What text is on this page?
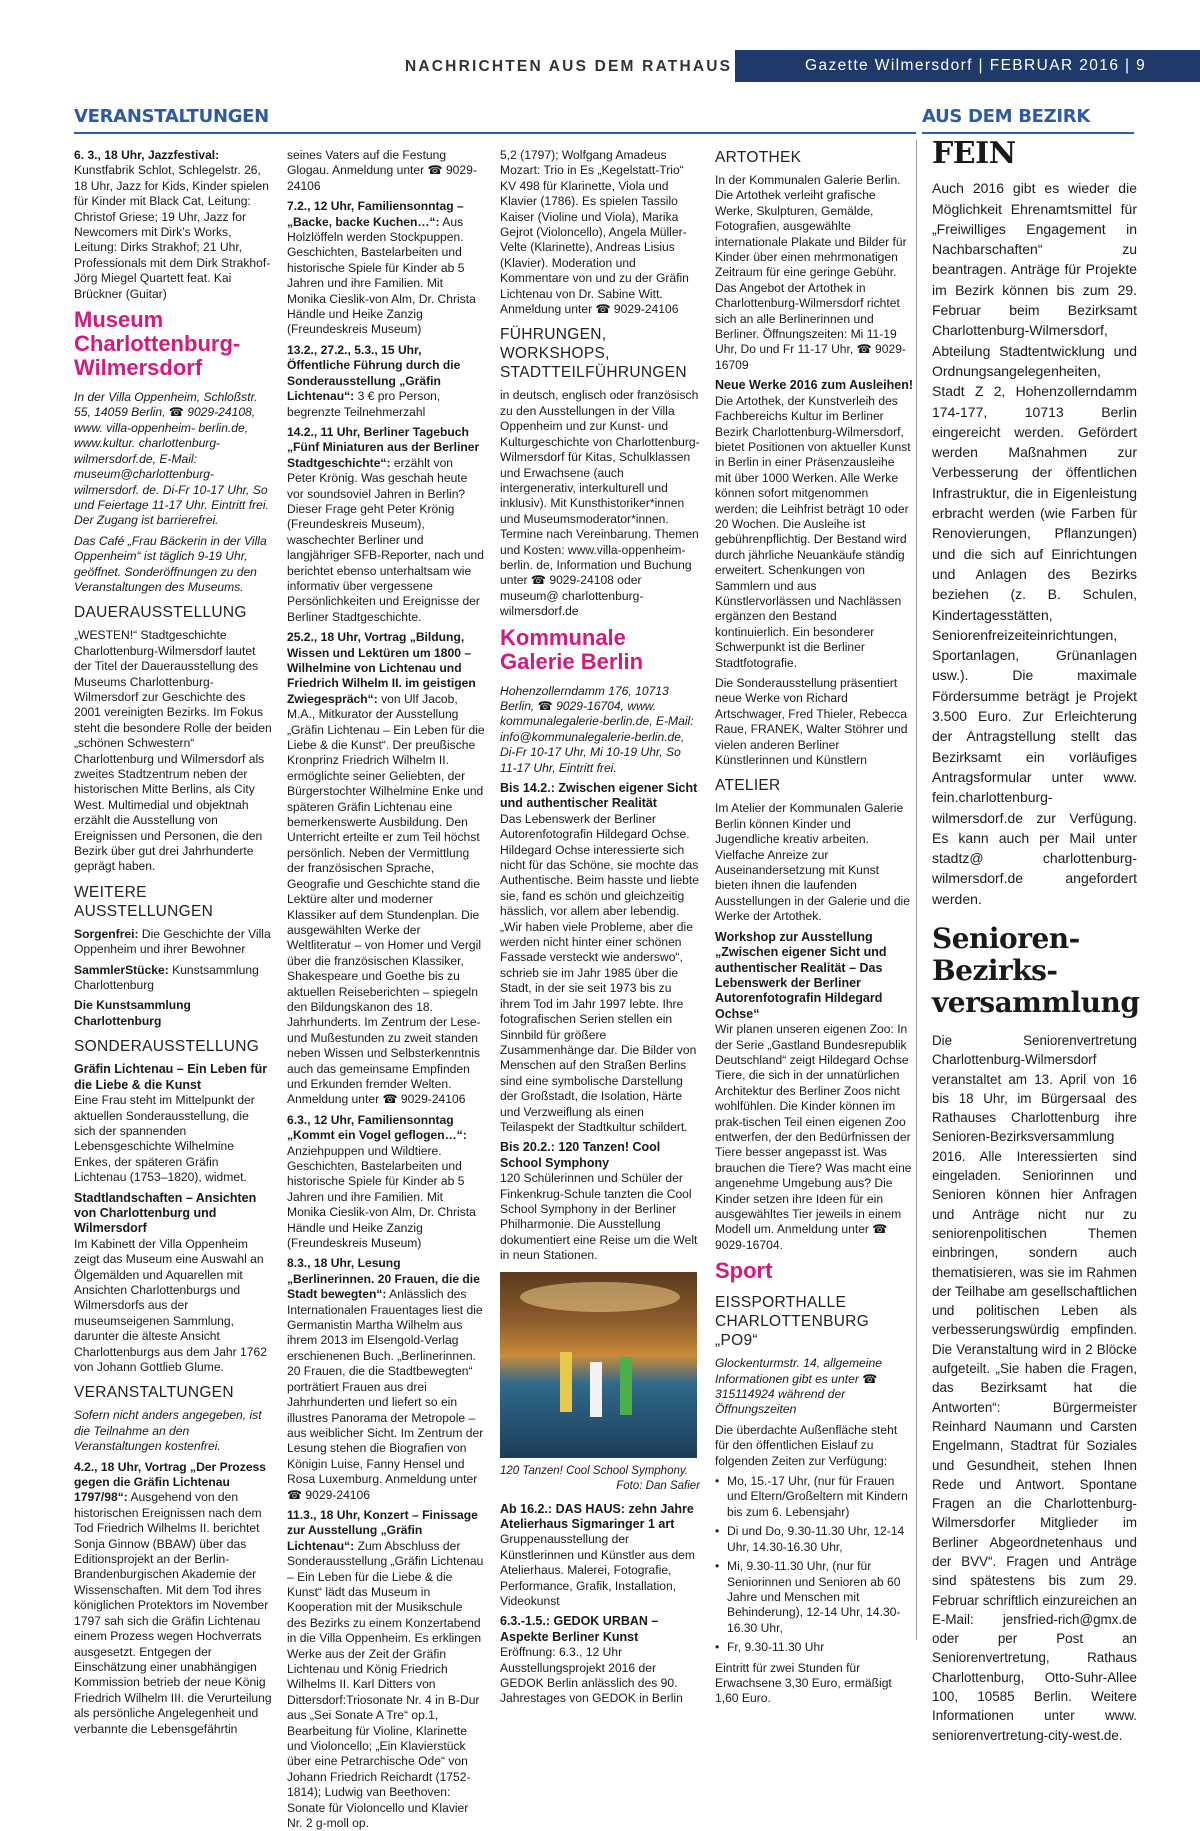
NACHRICHTEN AUS DEM RATHAUS	Gazette Wilmersdorf | FEBRUAR 2016 | 9
VERANSTALTUNGEN	AUS DEM BEZIRK

6. 3., 18 Uhr, Jazzfestival: Kunstfabrik Schlot, Schlegelstr. 26, 18 Uhr, Jazz for Kids, Kinder spielen für Kinder mit Black Cat, Leitung: Christof Griese; 19 Uhr, Jazz for Newcomers mit Dirk’s Works, Leitung: Dirks Strakhof; 21 Uhr, Professionals mit dem Dirk Strakhof-Jörg Miegel Quartett feat. Kai Brückner (Guitar)

Museum Charlottenburg-Wilmersdorf

In der Villa Oppenheim, Schloßstr. 55, 14059 Berlin, ☎ 9029-24108, www. villa-oppenheim- berlin.de, www.kultur. charlottenburg-wilmersdorf.de, E-Mail: museum@charlottenburg-wilmersdorf. de. Di-Fr 10-17 Uhr, So und Feiertage 11-17 Uhr. Eintritt frei. Der Zugang ist barrierefrei.

Das Café „Frau Bäckerin in der Villa Oppenheim“ ist täglich 9-19 Uhr, geöffnet. Sonderöffnungen zu den Veranstaltungen des Museums.

DAUERAUSSTELLUNG

„WESTEN!“ Stadtgeschichte Charlottenburg-Wilmersdorf lautet der Titel der Dauerausstellung des Museums Charlottenburg-Wilmersdorf zur Geschichte des 2001 vereinigten Bezirks. Im Fokus steht die besondere Rolle der beiden „schönen Schwestern“ Charlottenburg und Wilmersdorf als zweites Stadtzentrum neben der historischen Mitte Berlins, als City West. Multimedial und objektnah erzählt die Ausstellung von Ereignissen und Personen, die den Bezirk über gut drei Jahrhunderte geprägt haben.

WEITERE AUSSTELLUNGEN

Sorgenfrei: Die Geschichte der Villa Oppenheim und ihrer Bewohner

SammlerStücke: Kunstsammlung Charlottenburg

Die Kunstsammlung Charlottenburg

SONDERAUSSTELLUNG
Gräfin Lichtenau – Ein Leben für die Liebe & die Kunst

Eine Frau steht im Mittelpunkt der aktuellen Sonderausstellung, die sich der spannenden Lebensgeschichte Wilhelmine Enkes, der späteren Gräfin Lichtenau (1753–1820), widmet.

Stadtlandschaften – Ansichten von Charlottenburg und Wilmersdorf

Im Kabinett der Villa Oppenheim zeigt das Museum eine Auswahl an Ölgemälden und Aquarellen mit Ansichten Charlottenburgs und Wilmersdorfs aus der museumseigenen Sammlung, darunter die älteste Ansicht Charlottenburgs aus dem Jahr 1762 von Johann Gottlieb Glume.

VERANSTALTUNGEN

Sofern nicht anders angegeben, ist die Teilnahme an den Veranstaltungen kostenfrei.

4.2., 18 Uhr, Vortrag „Der Prozess gegen die Gräfin Lichtenau 1797/98“: Ausgehend von den historischen Ereignissen nach dem Tod Friedrich Wilhelms II. berichtet Sonja Ginnow (BBAW) über das Editionsprojekt an der Berlin-Brandenburgischen Akademie der Wissenschaften. Mit dem Tod ihres königlichen Protektors im November 1797 sah sich die Gräfin Lichtenau einem Prozess wegen Hochverrats ausgesetzt. Entgegen der Einschätzung einer unabhängigen Kommission betrieb der neue König Friedrich Wilhelm III. die Verurteilung als persönliche Angelegenheit und verbannte die Lebensgefährtin

seines Vaters auf die Festung Glogau. Anmeldung unter ☎ 9029-24106

7.2., 12 Uhr, Familiensonntag – „Backe, backe Kuchen…“: Aus Holzlöffeln werden Stockpuppen. Geschichten, Bastelarbeiten und historische Spiele für Kinder ab 5 Jahren und ihre Familien. Mit Monika Cieslik-von Alm, Dr. Christa Händle und Heike Zanzig (Freundeskreis Museum)

13.2., 27.2., 5.3., 15 Uhr, Öffentliche Führung durch die Sonderausstellung „Gräfin Lichtenau“: 3 € pro Person, begrenzte Teilnehmerzahl

14.2., 11 Uhr, Berliner Tagebuch „Fünf Miniaturen aus der Berliner Stadtgeschichte“: erzählt von Peter Krönig. Was geschah heute vor soundsoviel Jahren in Berlin? Dieser Frage geht Peter Krönig (Freundeskreis Museum), waschechter Berliner und langjähriger SFB-Reporter, nach und berichtet ebenso unterhaltsam wie informativ über vergessene Persönlichkeiten und Ereignisse der Berliner Stadtgeschichte.

25.2., 18 Uhr, Vortrag „Bildung, Wissen und Lektüren um 1800 – Wilhelmine von Lichtenau und Friedrich Wilhelm II. im geistigen Zwiegespräch“: von Ulf Jacob, M.A., Mitkurator der Ausstellung „Gräfin Lichtenau – Ein Leben für die Liebe & die Kunst“. Der preußische Kronprinz Friedrich Wilhelm II. ermöglichte seiner Geliebten, der Bürgerstochter Wilhelmine Enke und späteren Gräfin Lichtenau eine bemerkenswerte Ausbildung. Den Unterricht erteilte er zum Teil höchst persönlich. Neben der Vermittlung der französischen Sprache, Geografie und Geschichte stand die Lektüre alter und moderner Klassiker auf dem Stundenplan. Die ausgewählten Werke der Weltliteratur – von Homer und Vergil über die französischen Klassiker, Shakespeare und Goethe bis zu aktuellen Reiseberichten – spiegeln den Bildungskanon des 18. Jahrhunderts. Im Zentrum der Lese- und Mußestunden zu zweit standen neben Wissen und Selbsterkenntnis auch das gemeinsame Empfinden und Erkunden fremder Welten. Anmeldung unter ☎ 9029-24106

6.3., 12 Uhr, Familiensonntag „Kommt ein Vogel geflogen…“: Anziehpuppen und Wildtiere. Geschichten, Bastelarbeiten und historische Spiele für Kinder ab 5 Jahren und ihre Familien. Mit Monika Cieslik-von Alm, Dr. Christa Händle und Heike Zanzig (Freundeskreis Museum)

8.3., 18 Uhr, Lesung „Berlinerinnen. 20 Frauen, die die Stadt bewegten“: Anlässlich des Internationalen Frauentages liest die Germanistin Martha Wilhelm aus ihrem 2013 im Elsengold-Verlag erschienenen Buch. „Berlinerinnen. 20 Frauen, die die Stadtbewegten“ porträtiert Frauen aus drei Jahrhunderten und liefert so ein illustres Panorama der Metropole – aus weiblicher Sicht. Im Zentrum der Lesung stehen die Biografien von Königin Luise, Fanny Hensel und Rosa Luxemburg. Anmeldung unter ☎ 9029-24106

11.3., 18 Uhr, Konzert – Finissage zur Ausstellung „Gräfin Lichtenau“: Zum Abschluss der Sonderausstellung „Gräfin Lichtenau – Ein Leben für die Liebe & die Kunst“ lädt das Museum in Kooperation mit der Musikschule des Bezirks zu einem Konzertabend in die Villa Oppenheim. Es erklingen Werke aus der Zeit der Gräfin Lichtenau und König Friedrich Wilhelms II. Karl Ditters von Dittersdorf:Triosonate Nr. 4 in B-Dur aus „Sei Sonate A Tre“ op.1, Bearbeitung für Violine, Klarinette und Violoncello; „Ein Klavierstück über eine Petrarchische Ode“ von Johann Friedrich Reichardt (1752-1814); Ludwig van Beethoven: Sonate für Violoncello und Klavier Nr. 2 g-moll op.

5,2 (1797); Wolfgang Amadeus Mozart: Trio in Es „Kegelstatt-Trio“ KV 498 für Klarinette, Viola und Klavier (1786). Es spielen Tassilo Kaiser (Violine und Viola), Marika Gejrot (Violoncello), Angela Müller-Velte (Klarinette), Andreas Lisius (Klavier). Moderation und Kommentare von und zu der Gräfin Lichtenau von Dr. Sabine Witt. Anmeldung unter ☎ 9029-24106

FÜHRUNGEN, WORKSHOPS, STADTTEILFÜHRUNGEN

in deutsch, englisch oder französisch zu den Ausstellungen in der Villa Oppenheim und zur Kunst- und Kulturgeschichte von Charlottenburg-Wilmersdorf für Kitas, Schulklassen und Erwachsene (auch intergenerativ, interkulturell und inklusiv). Mit Kunsthistoriker*innen und Museumsmoderator*innen. Termine nach Vereinbarung. Themen und Kosten: www.villa-oppenheim-berlin. de, Information und Buchung unter ☎ 9029-24108 oder museum@ charlottenburg-wilmersdorf.de

Kommunale Galerie Berlin

Hohenzollerndamm 176, 10713 Berlin, ☎ 9029-16704, www. kommunalegalerie-berlin.de, E-Mail: info@kommunalegalerie-berlin.de, Di-Fr 10-17 Uhr, Mi 10-19 Uhr, So 11-17 Uhr, Eintritt frei.

Bis 14.2.: Zwischen eigener Sicht und authentischer Realität

Das Lebenswerk der Berliner Autorenfotografin Hildegard Ochse. Hildegard Ochse interessierte sich nicht für das Schöne, sie mochte das Authentische. Beim hasste und liebte sie, fand es schön und gleichzeitig hässlich, vor allem aber lebendig. „Wir haben viele Probleme, aber die werden nicht hinter einer schönen Fassade versteckt wie anderswo“, schrieb sie im Jahr 1985 über die Stadt, in der sie seit 1973 bis zu ihrem Tod im Jahr 1997 lebte. Ihre fotografischen Serien stellen ein Sinnbild für größere Zusammenhänge dar. Die Bilder von Menschen auf den Straßen Berlins sind eine symbolische Darstellung der Großstadt, die Isolation, Härte und Verzweiflung als einen Teilaspekt der Stadtkultur schildert.

Bis 20.2.: 120 Tanzen! Cool School Symphony

120 Schülerinnen und Schüler der Finkenkrug-Schule tanzten die Cool School Symphony in der Berliner Philharmonie. Die Ausstellung dokumentiert eine Reise um die Welt in neun Stationen.

120 Tanzen! Cool School Symphony.
Foto: Dan Safier
Ab 16.2.: DAS HAUS: zehn Jahre Atelierhaus Sigmaringer 1 art

Gruppenausstellung der Künstlerinnen und Künstler aus dem Atelierhaus. Malerei, Fotografie, Performance, Grafik, Installation, Videokunst

6.3.-1.5.: GEDOK URBAN – Aspekte Berliner Kunst
Eröffnung: 6.3., 12 Uhr

Ausstellungsprojekt 2016 der GEDOK Berlin anlässlich des 90. Jahrestages von GEDOK in Berlin

ARTOTHEK

In der Kommunalen Galerie Berlin. Die Artothek verleiht grafische Werke, Skulpturen, Gemälde, Fotografien, ausgewählte internationale Plakate und Bilder für Kinder über einen mehrmonatigen Zeitraum für eine geringe Gebühr. Das Angebot der Artothek in Charlottenburg-Wilmersdorf richtet sich an alle Berlinerinnen und Berliner. Öffnungszeiten: Mi 11-19 Uhr, Do und Fr 11-17 Uhr, ☎ 9029-16709

Neue Werke 2016 zum Ausleihen!

Die Artothek, der Kunstverleih des Fachbereichs Kultur im Berliner Bezirk Charlottenburg-Wilmersdorf, bietet Positionen von aktueller Kunst in Berlin in einer Präsenzausleihe mit über 1000 Werken. Alle Werke können sofort mitgenommen werden; die Leihfrist beträgt 10 oder 20 Wochen. Die Ausleihe ist gebührenpflichtig. Der Bestand wird durch jährliche Neuankäufe ständig erweitert. Schenkungen von Sammlern und aus Künstlervorlässen und Nachlässen ergänzen den Bestand kontinuierlich. Ein besonderer Schwerpunkt ist die Berliner Stadtfotografie.

Die Sonderausstellung präsentiert neue Werke von Richard Artschwager, Fred Thieler, Rebecca Raue, FRANEK, Walter Stöhrer und vielen anderen Berliner Künstlerinnen und Künstlern

ATELIER

Im Atelier der Kommunalen Galerie Berlin können Kinder und Jugendliche kreativ arbeiten. Vielfache Anreize zur Auseinandersetzung mit Kunst bieten ihnen die laufenden Ausstellungen in der Galerie und die Werke der Artothek.

Workshop zur Ausstellung „Zwischen eigener Sicht und authentischer Realität – Das Lebenswerk der Berliner Autorenfotografin Hildegard Ochse“

Wir planen unseren eigenen Zoo: In der Serie „Gastland Bundesrepublik Deutschland“ zeigt Hildegard Ochse Tiere, die sich in der unnatürlichen Architektur des Berliner Zoos nicht wohlfühlen. Die Kinder können im prak-tischen Teil einen eigenen Zoo entwerfen, der den Bedürfnissen der Tiere besser angepasst ist. Was brauchen die Tiere? Was macht eine angenehme Umgebung aus? Die Kinder setzen ihre Ideen für ein ausgewähltes Tier jeweils in einem Modell um. Anmeldung unter ☎ 9029-16704.

Sport
EISSPORTHALLE CHARLOTTENBURG „PO9“

Glockenturmstr. 14, allgemeine Informationen gibt es unter ☎ 315114924 während der Öffnungszeiten

Die überdachte Außenfläche steht für den öffentlichen Eislauf zu folgenden Zeiten zur Verfügung:

• Mo, 15.-17 Uhr, (nur für Frauen und Eltern/Großeltern mit Kindern bis zum 6. Lebensjahr)
• Di und Do, 9.30-11.30 Uhr, 12-14 Uhr, 14.30-16.30 Uhr,
• Mi, 9.30-11.30 Uhr, (nur für Seniorinnen und Senioren ab 60 Jahre und Menschen mit Behinderung), 12-14 Uhr, 14.30-16.30 Uhr,
• Fr, 9.30-11.30 Uhr

Eintritt für zwei Stunden für Erwachsene 3,30 Euro, ermäßigt 1,60 Euro.

FEIN

Auch 2016 gibt es wieder die Möglichkeit Ehrenamtsmittel für „Freiwilliges Engagement in Nachbarschaften“ zu beantragen. Anträge für Projekte im Bezirk können bis zum 29. Februar beim Bezirksamt Charlottenburg-Wilmersdorf, Abteilung Stadtentwicklung und Ordnungsangelegenheiten, Stadt Z 2, Hohenzollerndamm 174-177, 10713 Berlin eingereicht werden. Gefördert werden Maßnahmen zur Verbesserung der öffentlichen Infrastruktur, die in Eigenleistung erbracht werden (wie Farben für Renovierungen, Pflanzungen) und die sich auf Einrichtungen und Anlagen des Bezirks beziehen (z. B. Schulen, Kindertagesstätten, Seniorenfreizeiteinrichtungen, Sportanlagen, Grünanlagen usw.). Die maximale Fördersumme beträgt je Projekt 3.500 Euro. Zur Erleichterung der Antragstellung stellt das Bezirksamt ein vorläufiges Antragsformular unter www. fein.charlottenburg-wilmersdorf.de zur Verfügung. Es kann auch per Mail unter stadtz@ charlottenburg-wilmersdorf.de angefordert werden.

Senioren-Bezirks-versammlung

Die Seniorenvertretung Charlottenburg-Wilmersdorf veranstaltet am 13. April von 16 bis 18 Uhr, im Bürgersaal des Rathauses Charlottenburg ihre Senioren-Bezirksversammlung 2016. Alle Interessierten sind eingeladen. Seniorinnen und Senioren können hier Anfragen und Anträge nicht nur zu seniorenpolitischen Themen einbringen, sondern auch thematisieren, was sie im Rahmen der Teilhabe am gesellschaftlichen und politischen Leben als verbesserungswürdig empfinden. Die Veranstaltung wird in 2 Blöcke aufgeteilt. „Sie haben die Fragen, das Bezirksamt hat die Antworten“: Bürgermeister Reinhard Naumann und Carsten Engelmann, Stadtrat für Soziales und Gesundheit, stehen Ihnen Rede und Antwort. Spontane Fragen an die Charlottenburg-Wilmersdorfer Mitglieder im Berliner Abgeordnetenhaus und der BVV“. Fragen und Anträge sind spätestens bis zum 29. Februar schriftlich einzureichen an E-Mail: jensfried-rich@gmx.de oder per Post an Seniorenvertretung, Rathaus Charlottenburg, Otto-Suhr-Allee 100, 10585 Berlin. Weitere Informationen unter www. seniorenvertretung-city-west.de.
